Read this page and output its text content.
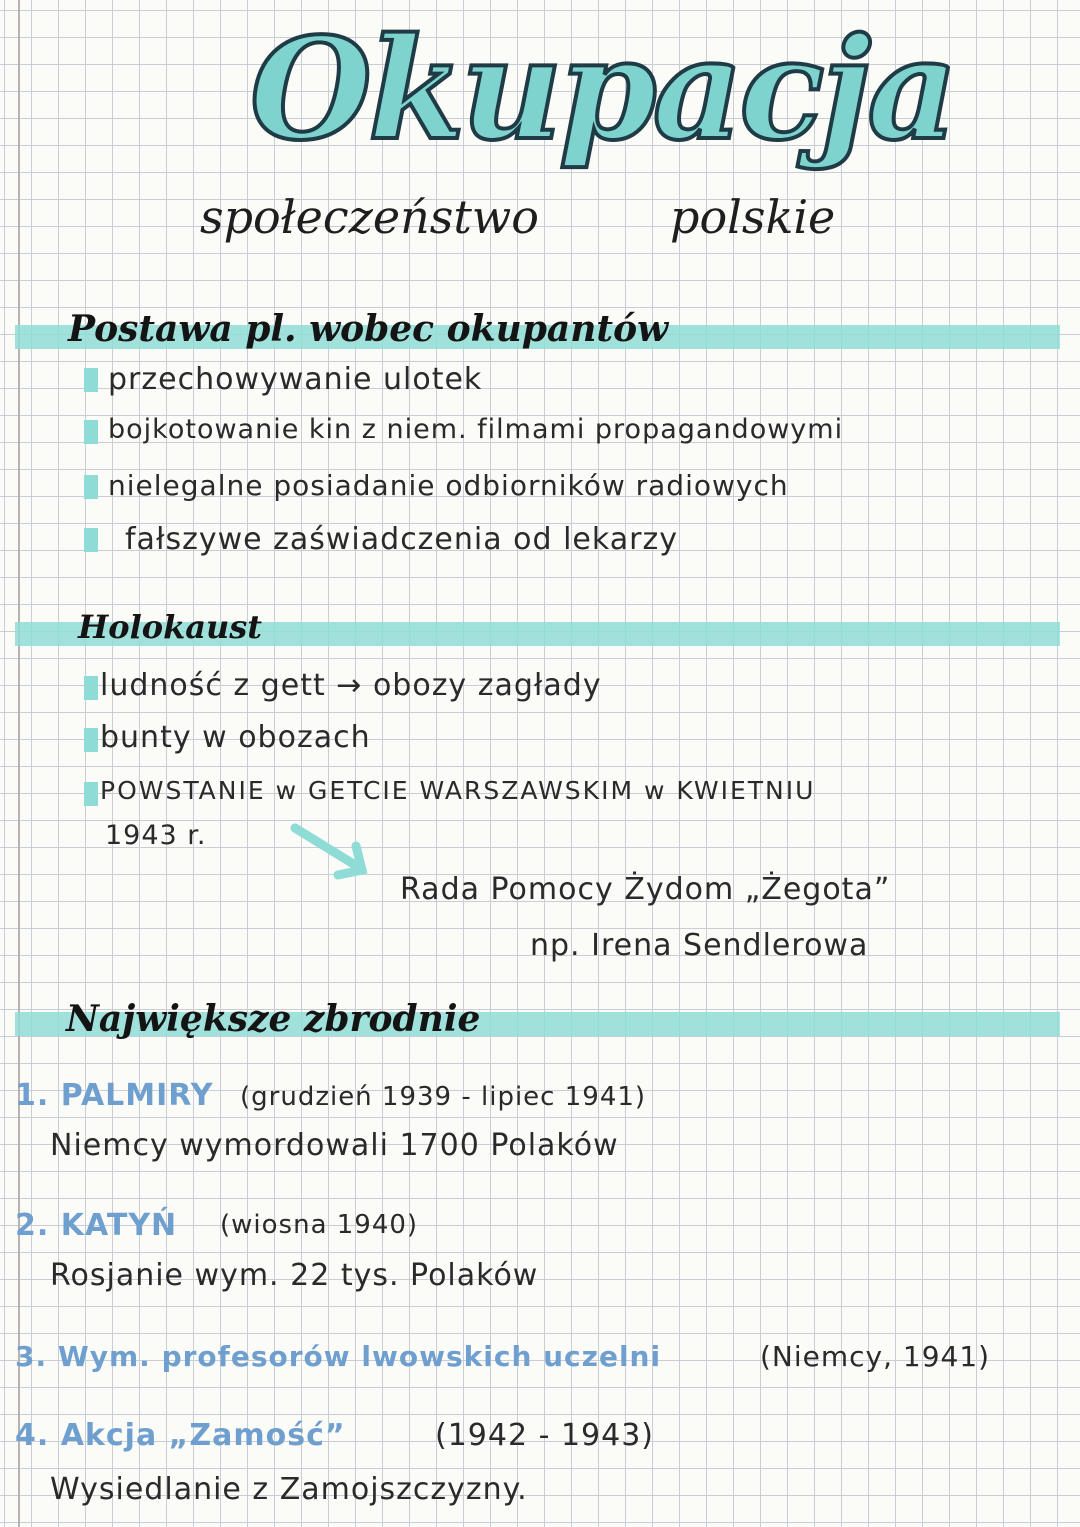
Okupacja
społeczeństwo	polskie
Postawa pl. wobec okupantów
przechowywanie ulotek
bojkotowanie kin z niem. filmami propagandowymi
nielegalne posiadanie odbiorników radiowych
fałszywe zaświadczenia od lekarzy
Holokaust
ludność z gett → obozy zagłady
bunty w obozach
POWSTANIE w GETCIE WARSZAWSKIM w KWIETNIU
1943 r.
Rada Pomocy Żydom „Żegota”
np. Irena Sendlerowa
Największe zbrodnie
1. PALMIRY (grudzień 1939 - lipiec 1941)
Niemcy wymordowali 1700 Polaków
2. KATYŃ (wiosna 1940)
Rosjanie wym. 22 tys. Polaków
3. Wym. profesorów lwowskich uczelni	(Niemcy, 1941)
4. Akcja „Zamość”	(1942 - 1943)
Wysiedlanie z Zamojszczyzny.
